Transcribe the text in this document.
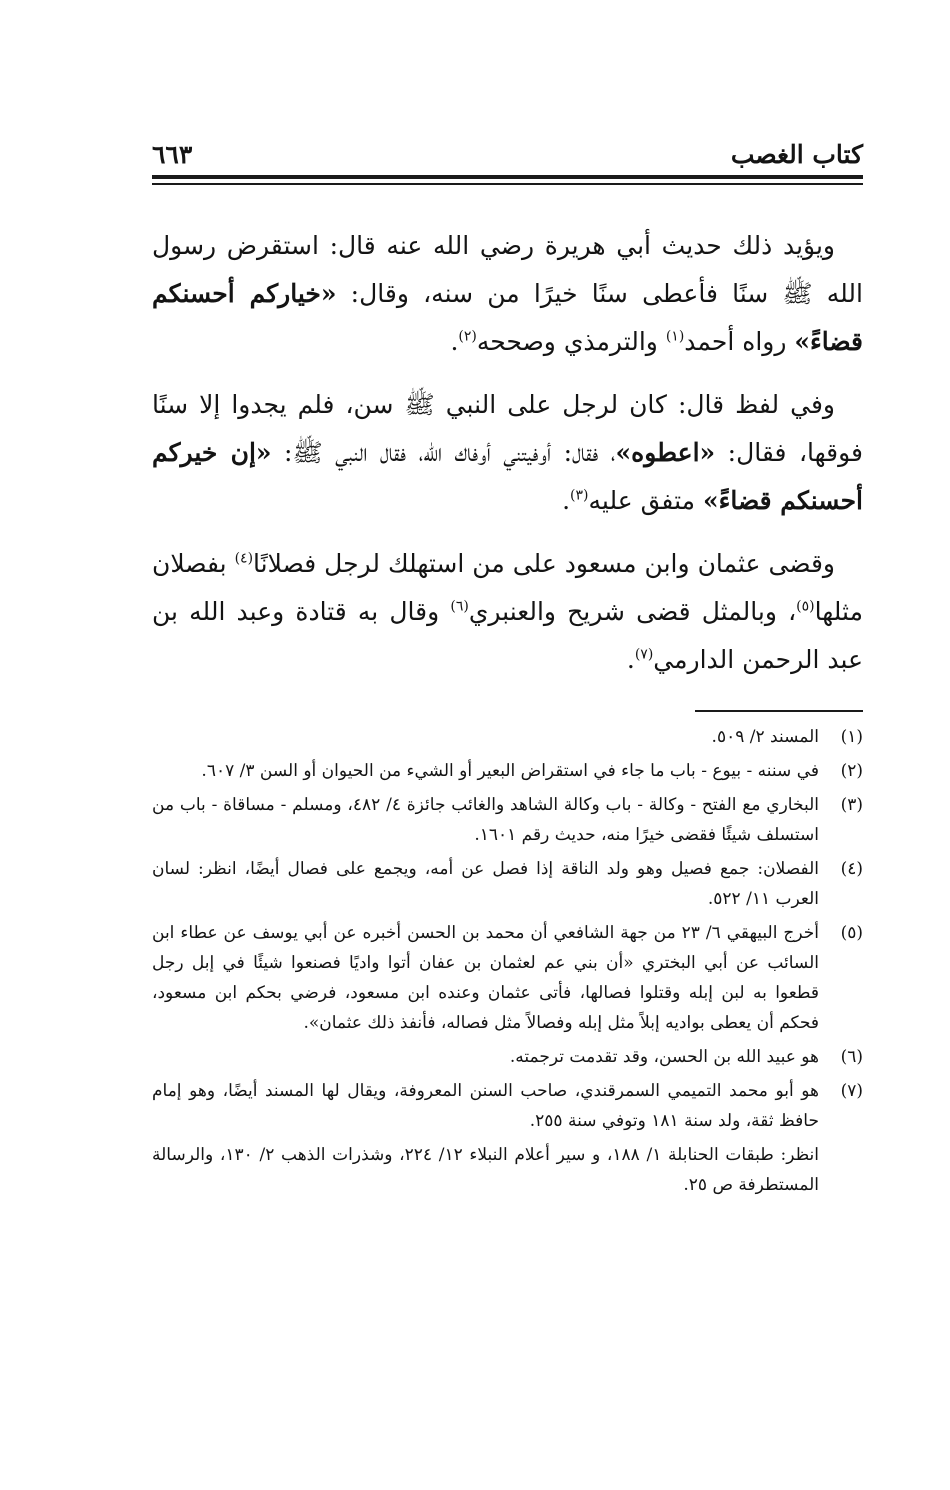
كتاب الغصب
٦٦٣

ويؤيد ذلك حديث أبي هريرة رضي الله عنه قال: استقرض رسول الله ﷺ سنًا فأعطى سنًا خيرًا من سنه، وقال: «خياركم أحسنكم قضاءً» رواه أحمد$^{(١)}$ والترمذي وصححه$^{(٢)}$.

وفي لفظ قال: كان لرجل على النبي ﷺ سن، فلم يجدوا إلا سنًا فوقها، فقال: «اعطوه»، فقال: أوفيتني أوفاك الله، فقال النبي ﷺ: «إن خيركم أحسنكم قضاءً» متفق عليه$^{(٣)}$.

وقضى عثمان وابن مسعود على من استهلك لرجل فصلانًا$^{(٤)}$ بفصلان مثلها$^{(٥)}$، وبالمثل قضى شريح والعنبري$^{(٦)}$ وقال به قتادة وعبد الله بن عبد الرحمن الدارمي$^{(٧)}$.

(١)
المسند ٢/ ٥٠٩.
(٢)
في سننه - بيوع - باب ما جاء في استقراض البعير أو الشيء من الحيوان أو السن ٣/ ٦٠٧.
(٣)
البخاري مع الفتح - وكالة - باب وكالة الشاهد والغائب جائزة ٤/ ٤٨٢، ومسلم - مساقاة - باب من استسلف شيئًا فقضى خيرًا منه، حديث رقم ١٦٠١.
(٤)
الفصلان: جمع فصيل وهو ولد الناقة إذا فصل عن أمه، ويجمع على فصال أيضًا، انظر: لسان العرب ١١/ ٥٢٢.
(٥)
أخرج البيهقي ٦/ ٢٣ من جهة الشافعي أن محمد بن الحسن أخبره عن أبي يوسف عن عطاء ابن السائب عن أبي البختري «أن بني عم لعثمان بن عفان أتوا واديًا فصنعوا شيئًا في إبل رجل قطعوا به لبن إبله وقتلوا فصالها، فأتى عثمان وعنده ابن مسعود، فرضي بحكم ابن مسعود، فحكم أن يعطى بواديه إبلاً مثل إبله وفصالاً مثل فصاله، فأنفذ ذلك عثمان».
(٦)
هو عبيد الله بن الحسن، وقد تقدمت ترجمته.
(٧)
هو أبو محمد التميمي السمرقندي، صاحب السنن المعروفة، ويقال لها المسند أيضًا، وهو إمام حافظ ثقة، ولد سنة ١٨١ وتوفي سنة ٢٥٥.
انظر: طبقات الحنابلة ١/ ١٨٨، و سير أعلام النبلاء ١٢/ ٢٢٤، وشذرات الذهب ٢/ ١٣٠، والرسالة المستطرفة ص ٢٥.
